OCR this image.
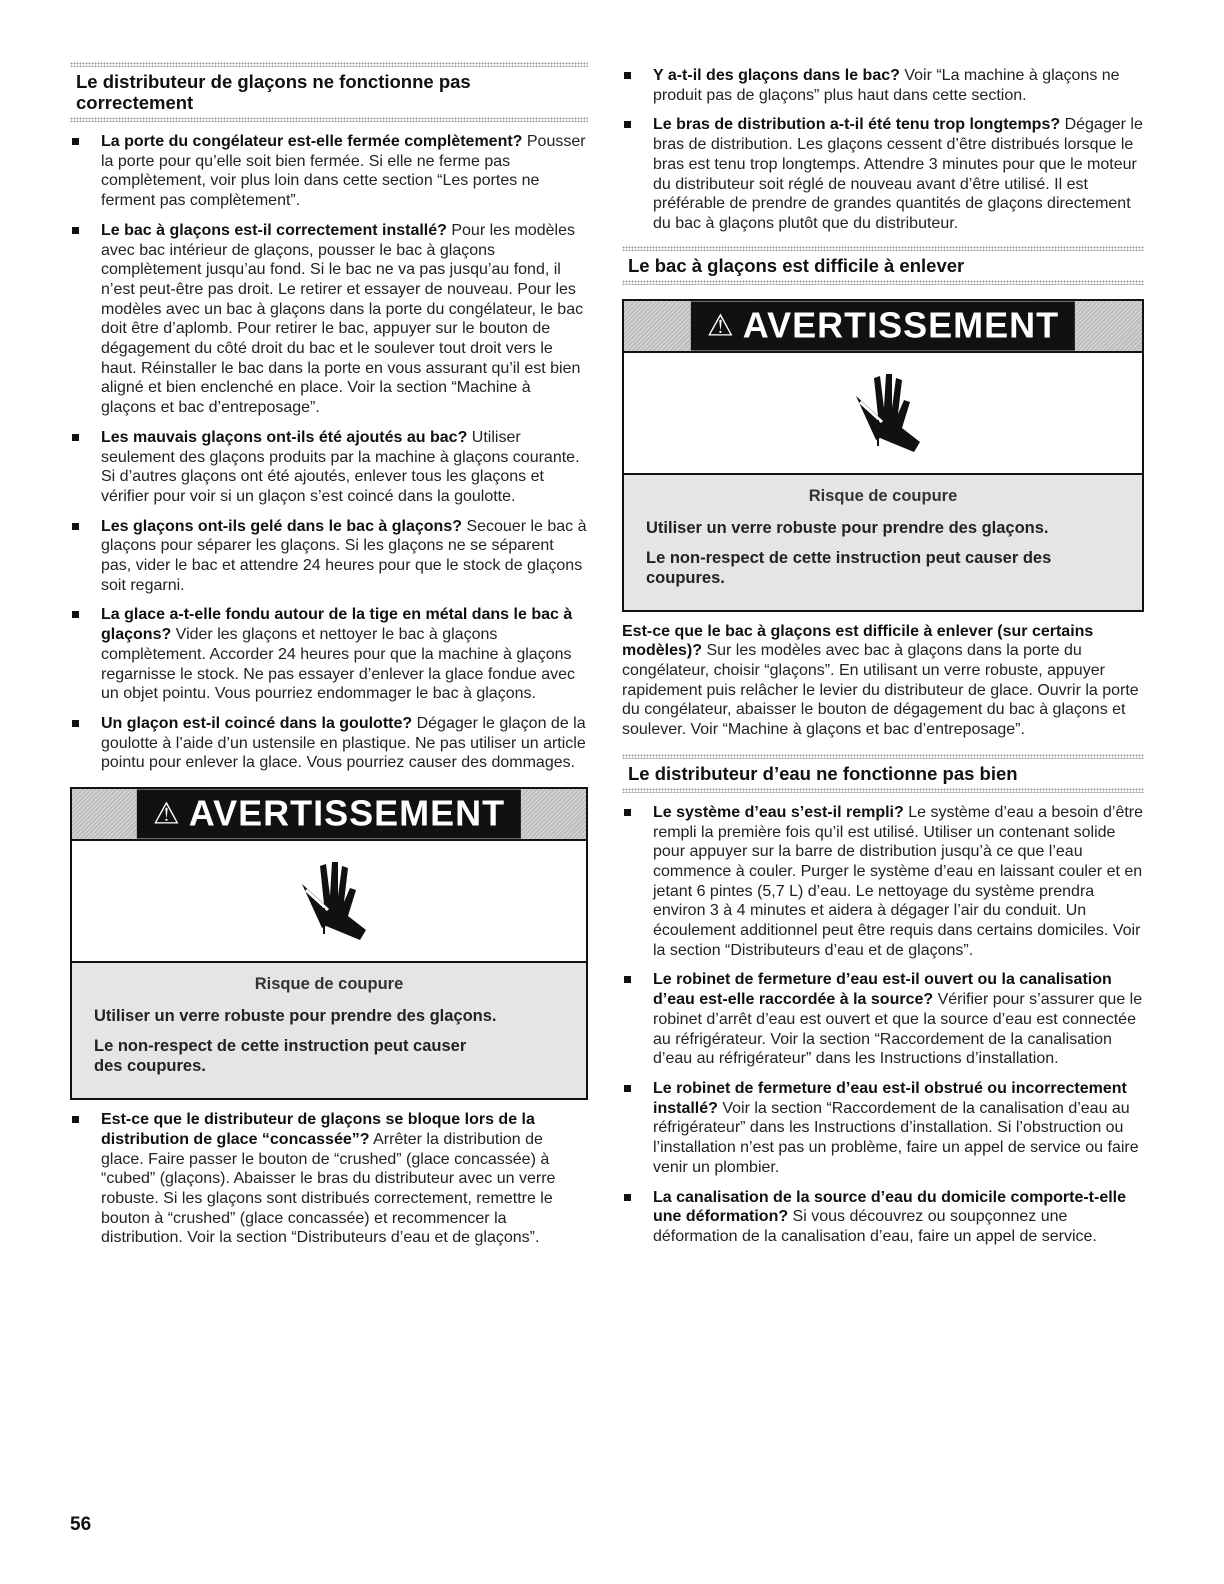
Le distributeur de glaçons ne fonctionne pas correctement
La porte du congélateur est-elle fermée complètement? Pousser la porte pour qu’elle soit bien fermée. Si elle ne ferme pas complètement, voir plus loin dans cette section “Les portes ne ferment pas complètement”.
Le bac à glaçons est-il correctement installé? Pour les modèles avec bac intérieur de glaçons, pousser le bac à glaçons complètement jusqu’au fond. Si le bac ne va pas jusqu’au fond, il n’est peut-être pas droit. Le retirer et essayer de nouveau. Pour les modèles avec un bac à glaçons dans la porte du congélateur, le bac doit être d’aplomb. Pour retirer le bac, appuyer sur le bouton de dégagement du côté droit du bac et le soulever tout droit vers le haut. Réinstaller le bac dans la porte en vous assurant qu’il est bien aligné et bien enclenché en place. Voir la section “Machine à glaçons et bac d’entreposage”.
Les mauvais glaçons ont-ils été ajoutés au bac? Utiliser seulement des glaçons produits par la machine à glaçons courante. Si d’autres glaçons ont été ajoutés, enlever tous les glaçons et vérifier pour voir si un glaçon s’est coincé dans la goulotte.
Les glaçons ont-ils gelé dans le bac à glaçons? Secouer le bac à glaçons pour séparer les glaçons. Si les glaçons ne se séparent pas, vider le bac et attendre 24 heures pour que le stock de glaçons soit regarni.
La glace a-t-elle fondu autour de la tige en métal dans le bac à glaçons? Vider les glaçons et nettoyer le bac à glaçons complètement. Accorder 24 heures pour que la machine à glaçons regarnisse le stock. Ne pas essayer d’enlever la glace fondue avec un objet pointu. Vous pourriez endommager le bac à glaçons.
Un glaçon est-il coincé dans la goulotte? Dégager le glaçon de la goulotte à l’aide d’un ustensile en plastique. Ne pas utiliser un article pointu pour enlever la glace. Vous pourriez causer des dommages.
⚠ AVERTISSEMENT
Risque de coupure

Utiliser un verre robuste pour prendre des glaçons.

Le non-respect de cette instruction peut causer des coupures.

Est-ce que le distributeur de glaçons se bloque lors de la distribution de glace “concassée”? Arrêter la distribution de glace. Faire passer le bouton de “crushed” (glace concassée) à “cubed” (glaçons). Abaisser le bras du distributeur avec un verre robuste. Si les glaçons sont distribués correctement, remettre le bouton à “crushed” (glace concassée) et recommencer la distribution. Voir la section “Distributeurs d’eau et de glaçons”.
Y a-t-il des glaçons dans le bac? Voir “La machine à glaçons ne produit pas de glaçons” plus haut dans cette section.
Le bras de distribution a-t-il été tenu trop longtemps? Dégager le bras de distribution. Les glaçons cessent d’être distribués lorsque le bras est tenu trop longtemps. Attendre 3 minutes pour que le moteur du distributeur soit réglé de nouveau avant d’être utilisé. Il est préférable de prendre de grandes quantités de glaçons directement du bac à glaçons plutôt que du distributeur.
Le bac à glaçons est difficile à enlever
⚠ AVERTISSEMENT
Risque de coupure

Utiliser un verre robuste pour prendre des glaçons.

Le non-respect de cette instruction peut causer des coupures.

Est-ce que le bac à glaçons est difficile à enlever (sur certains modèles)? Sur les modèles avec bac à glaçons dans la porte du congélateur, choisir “glaçons”. En utilisant un verre robuste, appuyer rapidement puis relâcher le levier du distributeur de glace. Ouvrir la porte du congélateur, abaisser le bouton de dégagement du bac à glaçons et soulever. Voir “Machine à glaçons et bac d’entreposage”.

Le distributeur d’eau ne fonctionne pas bien
Le système d’eau s’est-il rempli? Le système d’eau a besoin d’être rempli la première fois qu’il est utilisé. Utiliser un contenant solide pour appuyer sur la barre de distribution jusqu’à ce que l’eau commence à couler. Purger le système d’eau en laissant couler et en jetant 6 pintes (5,7 L) d’eau. Le nettoyage du système prendra environ 3 à 4 minutes et aidera à dégager l’air du conduit. Un écoulement additionnel peut être requis dans certains domiciles. Voir la section “Distributeurs d’eau et de glaçons”.
Le robinet de fermeture d’eau est-il ouvert ou la canalisation d’eau est-elle raccordée à la source? Vérifier pour s’assurer que le robinet d’arrêt d’eau est ouvert et que la source d’eau est connectée au réfrigérateur. Voir la section “Raccordement de la canalisation d’eau au réfrigérateur” dans les Instructions d’installation.
Le robinet de fermeture d’eau est-il obstrué ou incorrectement installé? Voir la section “Raccordement de la canalisation d’eau au réfrigérateur” dans les Instructions d’installation. Si l’obstruction ou l’installation n’est pas un problème, faire un appel de service ou faire venir un plombier.
La canalisation de la source d’eau du domicile comporte-t-elle une déformation? Si vous découvrez ou soupçonnez une déformation de la canalisation d’eau, faire un appel de service.
56
